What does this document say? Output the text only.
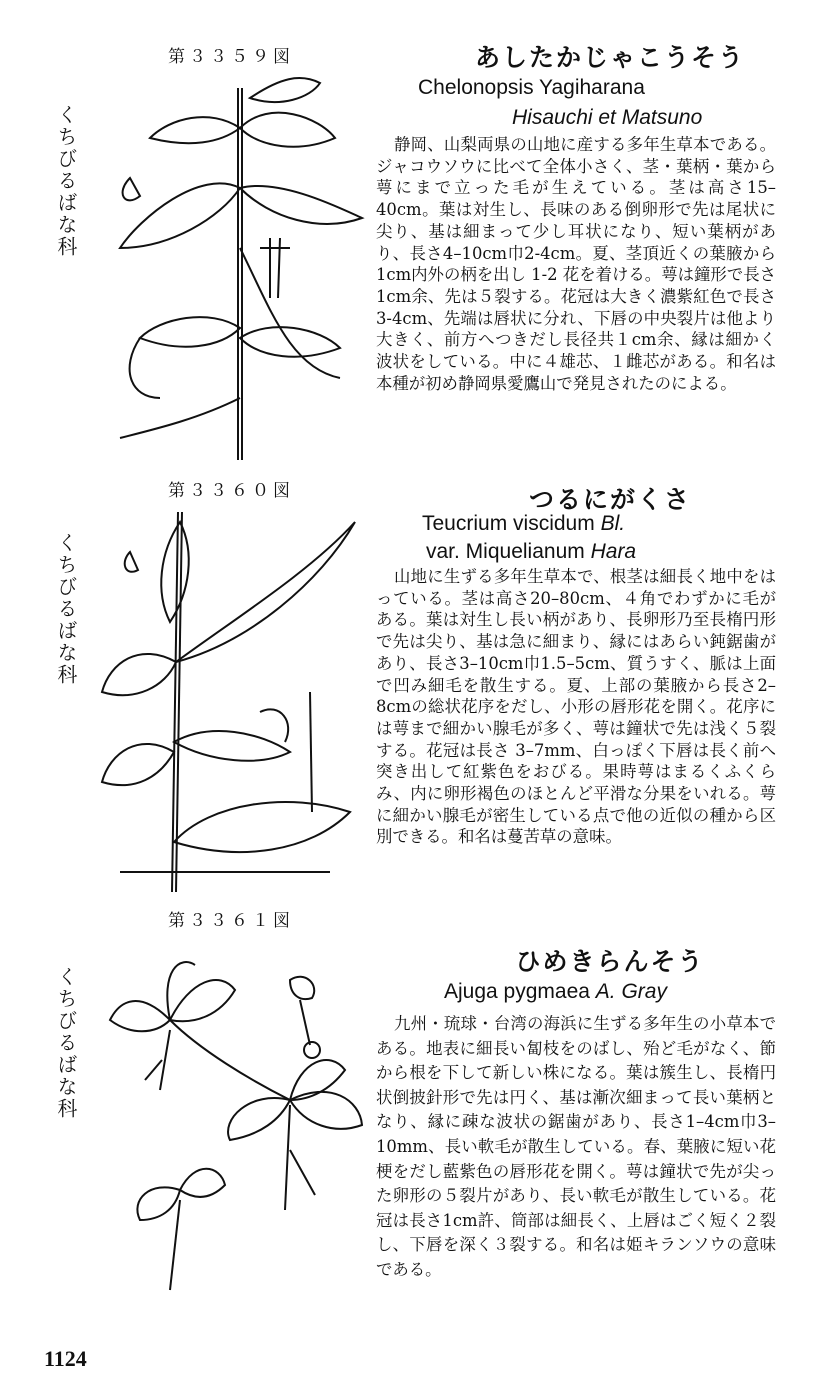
第３３５９図
くちびるばな科
あしたかじゃこうそう
Chelonopsis Yagiharana
Hisauchi et Matsuno

静岡、山梨両県の山地に産する多年生草本である。ジャコウソウに比べて全体小さく、茎・葉柄・葉から萼にまで立った毛が生えている。茎は高さ15–40cm。葉は対生し、長味のある倒卵形で先は尾状に尖り、基は細まって少し耳状になり、短い葉柄があり、長さ4–10cm巾2-4cm。夏、茎頂近くの葉腋から 1cm内外の柄を出し 1-2 花を着ける。萼は鐘形で長さ1cm余、先は５裂する。花冠は大きく濃紫紅色で長さ3-4cm、先端は唇状に分れ、下唇の中央裂片は他より大きく、前方へつきだし長径共１cm余、縁は細かく波状をしている。中に４雄芯、１雌芯がある。和名は本種が初め静岡県愛鷹山で発見されたのによる。

第３３６０図
くちびるばな科
つるにがくさ
Teucrium viscidum Bl.
var. Miquelianum Hara

山地に生ずる多年生草本で、根茎は細長く地中をはっている。茎は高さ20–80cm、４角でわずかに毛がある。葉は対生し長い柄があり、長卵形乃至長楕円形で先は尖り、基は急に細まり、縁にはあらい鈍鋸歯があり、長さ3–10cm巾1.5–5cm、質うすく、脈は上面で凹み細毛を散生する。夏、上部の葉腋から長さ2–8cmの総状花序をだし、小形の唇形花を開く。花序には萼まで細かい腺毛が多く、萼は鐘状で先は浅く５裂する。花冠は長さ 3–7mm、白っぽく下唇は長く前へ突き出して紅紫色をおびる。果時萼はまるくふくらみ、内に卵形褐色のほとんど平滑な分果をいれる。萼に細かい腺毛が密生している点で他の近似の種から区別できる。和名は蔓苦草の意味。

第３３６１図
くちびるばな科
ひめきらんそう
Ajuga pygmaea A. Gray

九州・琉球・台湾の海浜に生ずる多年生の小草本である。地表に細長い匐枝をのばし、殆ど毛がなく、節から根を下して新しい株になる。葉は簇生し、長楕円状倒披針形で先は円く、基は漸次細まって長い葉柄となり、縁に疎な波状の鋸歯があり、長さ1–4cm巾3–10mm、長い軟毛が散生している。春、葉腋に短い花梗をだし藍紫色の唇形花を開く。萼は鐘状で先が尖った卵形の５裂片があり、長い軟毛が散生している。花冠は長さ1cm許、筒部は細長く、上唇はごく短く２裂し、下唇を深く３裂する。和名は姫キランソウの意味である。

1124
